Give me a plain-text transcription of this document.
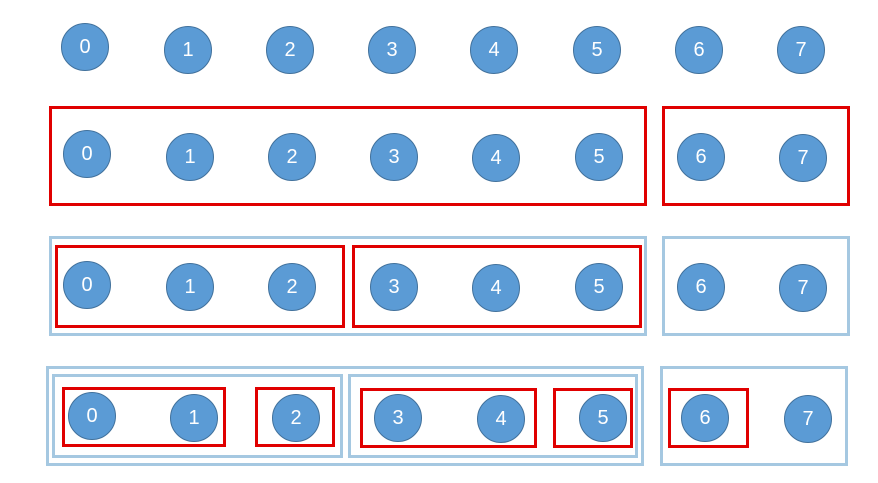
0	1	2	3	4	5	6	7
0	1	2	3	4	5	6	7
0	1	2	3	4	5	6	7
0	1	2	3	4	5	6	7
